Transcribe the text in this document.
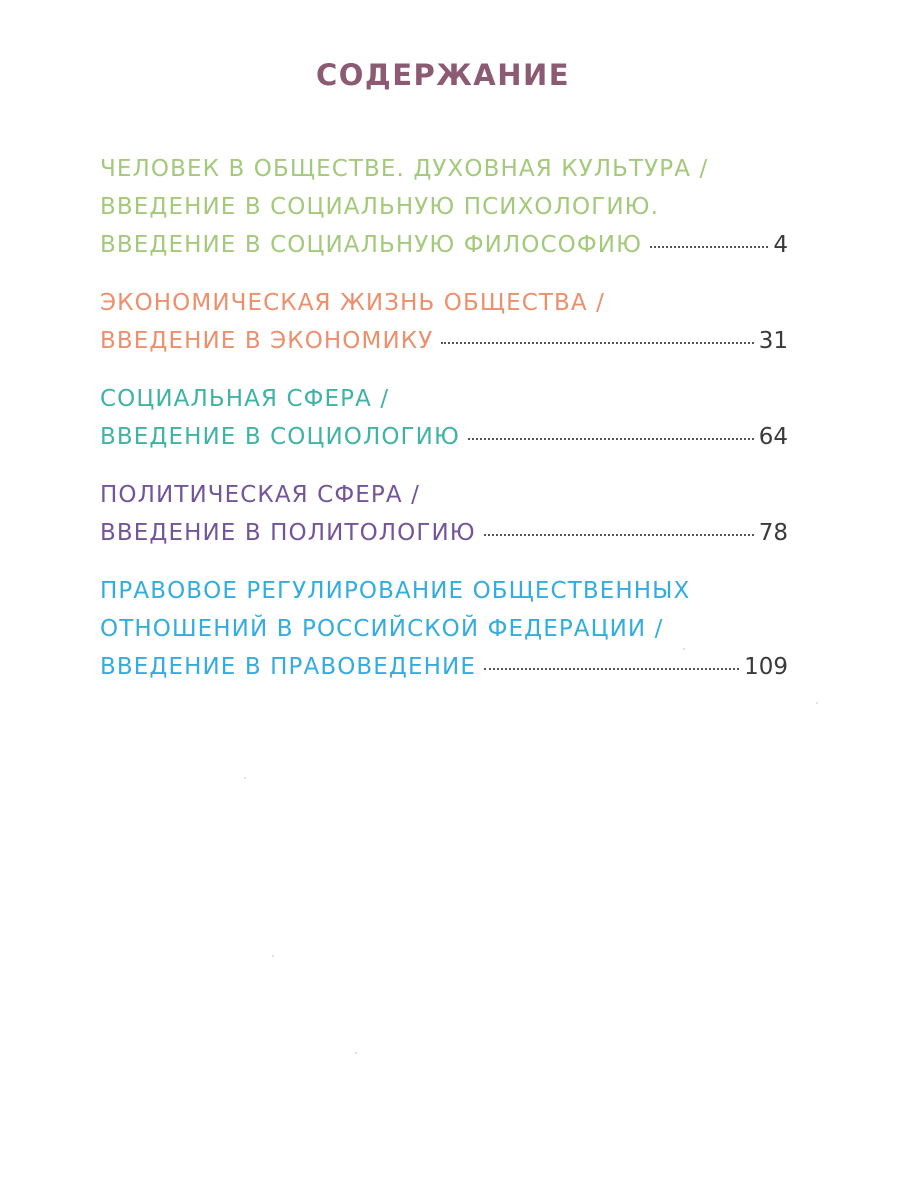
СОДЕРЖАНИЕ
ЧЕЛОВЕК В ОБЩЕСТВЕ. ДУХОВНАЯ КУЛЬТУРА /
ВВЕДЕНИЕ В СОЦИАЛЬНУЮ ПСИХОЛОГИЮ.
ВВЕДЕНИЕ В СОЦИАЛЬНУЮ ФИЛОСОФИЮ	4
ЭКОНОМИЧЕСКАЯ ЖИЗНЬ ОБЩЕСТВА /
ВВЕДЕНИЕ В ЭКОНОМИКУ	31
СОЦИАЛЬНАЯ СФЕРА /
ВВЕДЕНИЕ В СОЦИОЛОГИЮ	64
ПОЛИТИЧЕСКАЯ СФЕРА /
ВВЕДЕНИЕ В ПОЛИТОЛОГИЮ	78
ПРАВОВОЕ РЕГУЛИРОВАНИЕ ОБЩЕСТВЕННЫХ
ОТНОШЕНИЙ В РОССИЙСКОЙ ФЕДЕРАЦИИ /
ВВЕДЕНИЕ В ПРАВОВЕДЕНИЕ	109
